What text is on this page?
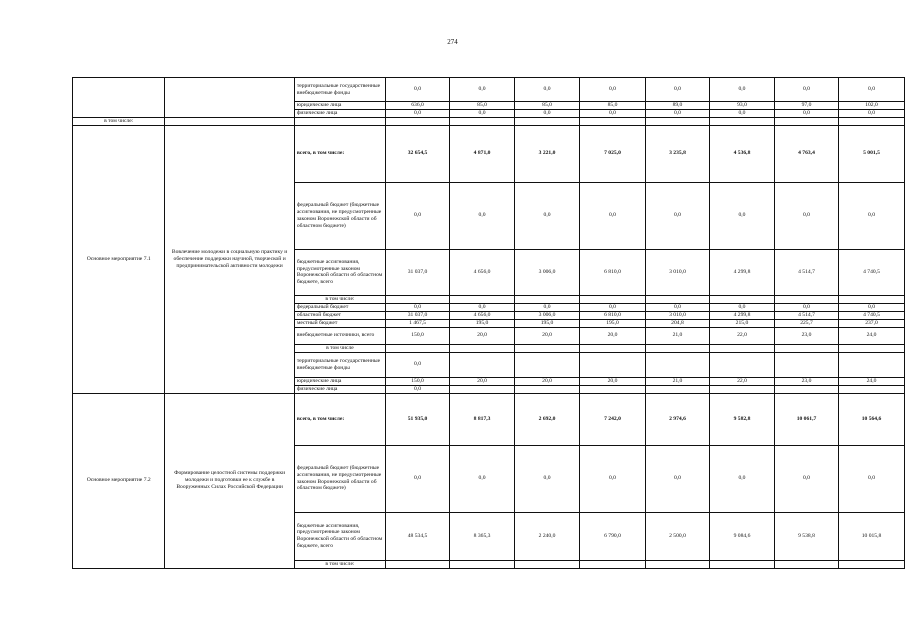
274
		территориальные государственные внебюджетные фонды	0,0	0,0	0,0	0,0	0,0	0,0	0,0	0,0
		юридические лица	636,0	85,0	85,0	85,0	89,0	93,0	97,0	102,0
		физические лица	0,0	0,0	0,0	0,0	0,0	0,0	0,0	0,0
в том числе:										
Основное мероприятие 7.1	Вовлечение молодежи в социальную практику и обеспечение поддержки научной, творческой и предпринимательской активности молодежи	всего, в том числе:	32 654,5	4 871,0	3 221,0	7 025,0	3 235,8	4 536,8	4 763,4	5 001,5
		федеральный бюджет (бюджетные ассигнования, не предусмотренные законом Воронежской области об областном бюджете)	0,0	0,0	0,0	0,0	0,0	0,0	0,0	0,0
		бюджетные ассигнования, предусмотренные законом Воронежской области об областном бюджете, всего	31 037,0	4 656,0	3 006,0	6 810,0	3 010,0	4 299,8	4 514,7	4 740,5
		в том числе:								
		федеральный бюджет	0,0	0,0	0,0	0,0	0,0	0,0	0,0	0,0
		областной бюджет	31 037,0	4 656,0	3 006,0	6 810,0	3 010,0	4 299,8	4 514,7	4 740,5
		местный бюджет	1 467,5	195,0	195,0	195,0	204,8	215,0	225,7	237,0
		внебюджетные источники, всего	150,0	20,0	20,0	20,0	21,0	22,0	23,0	24,0
		в том числе								
		территориальные государственные внебюджетные фонды	0,0							
		юридические лица	150,0	20,0	20,0	20,0	21,0	22,0	23,0	24,0
		физические лица	0,0							
Основное мероприятие 7.2	Формирование целостной системы поддержки молодежи и подготовки ее к службе в Вооруженных Силах Российской Федерации	всего, в том числе:	51 935,0	8 817,3	2 692,0	7 242,0	2 974,6	9 582,8	10 061,7	10 564,6
		федеральный бюджет (бюджетные ассигнования, не предусмотренные законом Воронежской области об областном бюджете)	0,0	0,0	0,0	0,0	0,0	0,0	0,0	0,0
		бюджетные ассигнования, предусмотренные законом Воронежской области об областном бюджете, всего	48 534,5	8 365,3	2 240,0	6 790,0	2 500,0	9 084,6	9 538,8	10 015,8
		в том числе:								
